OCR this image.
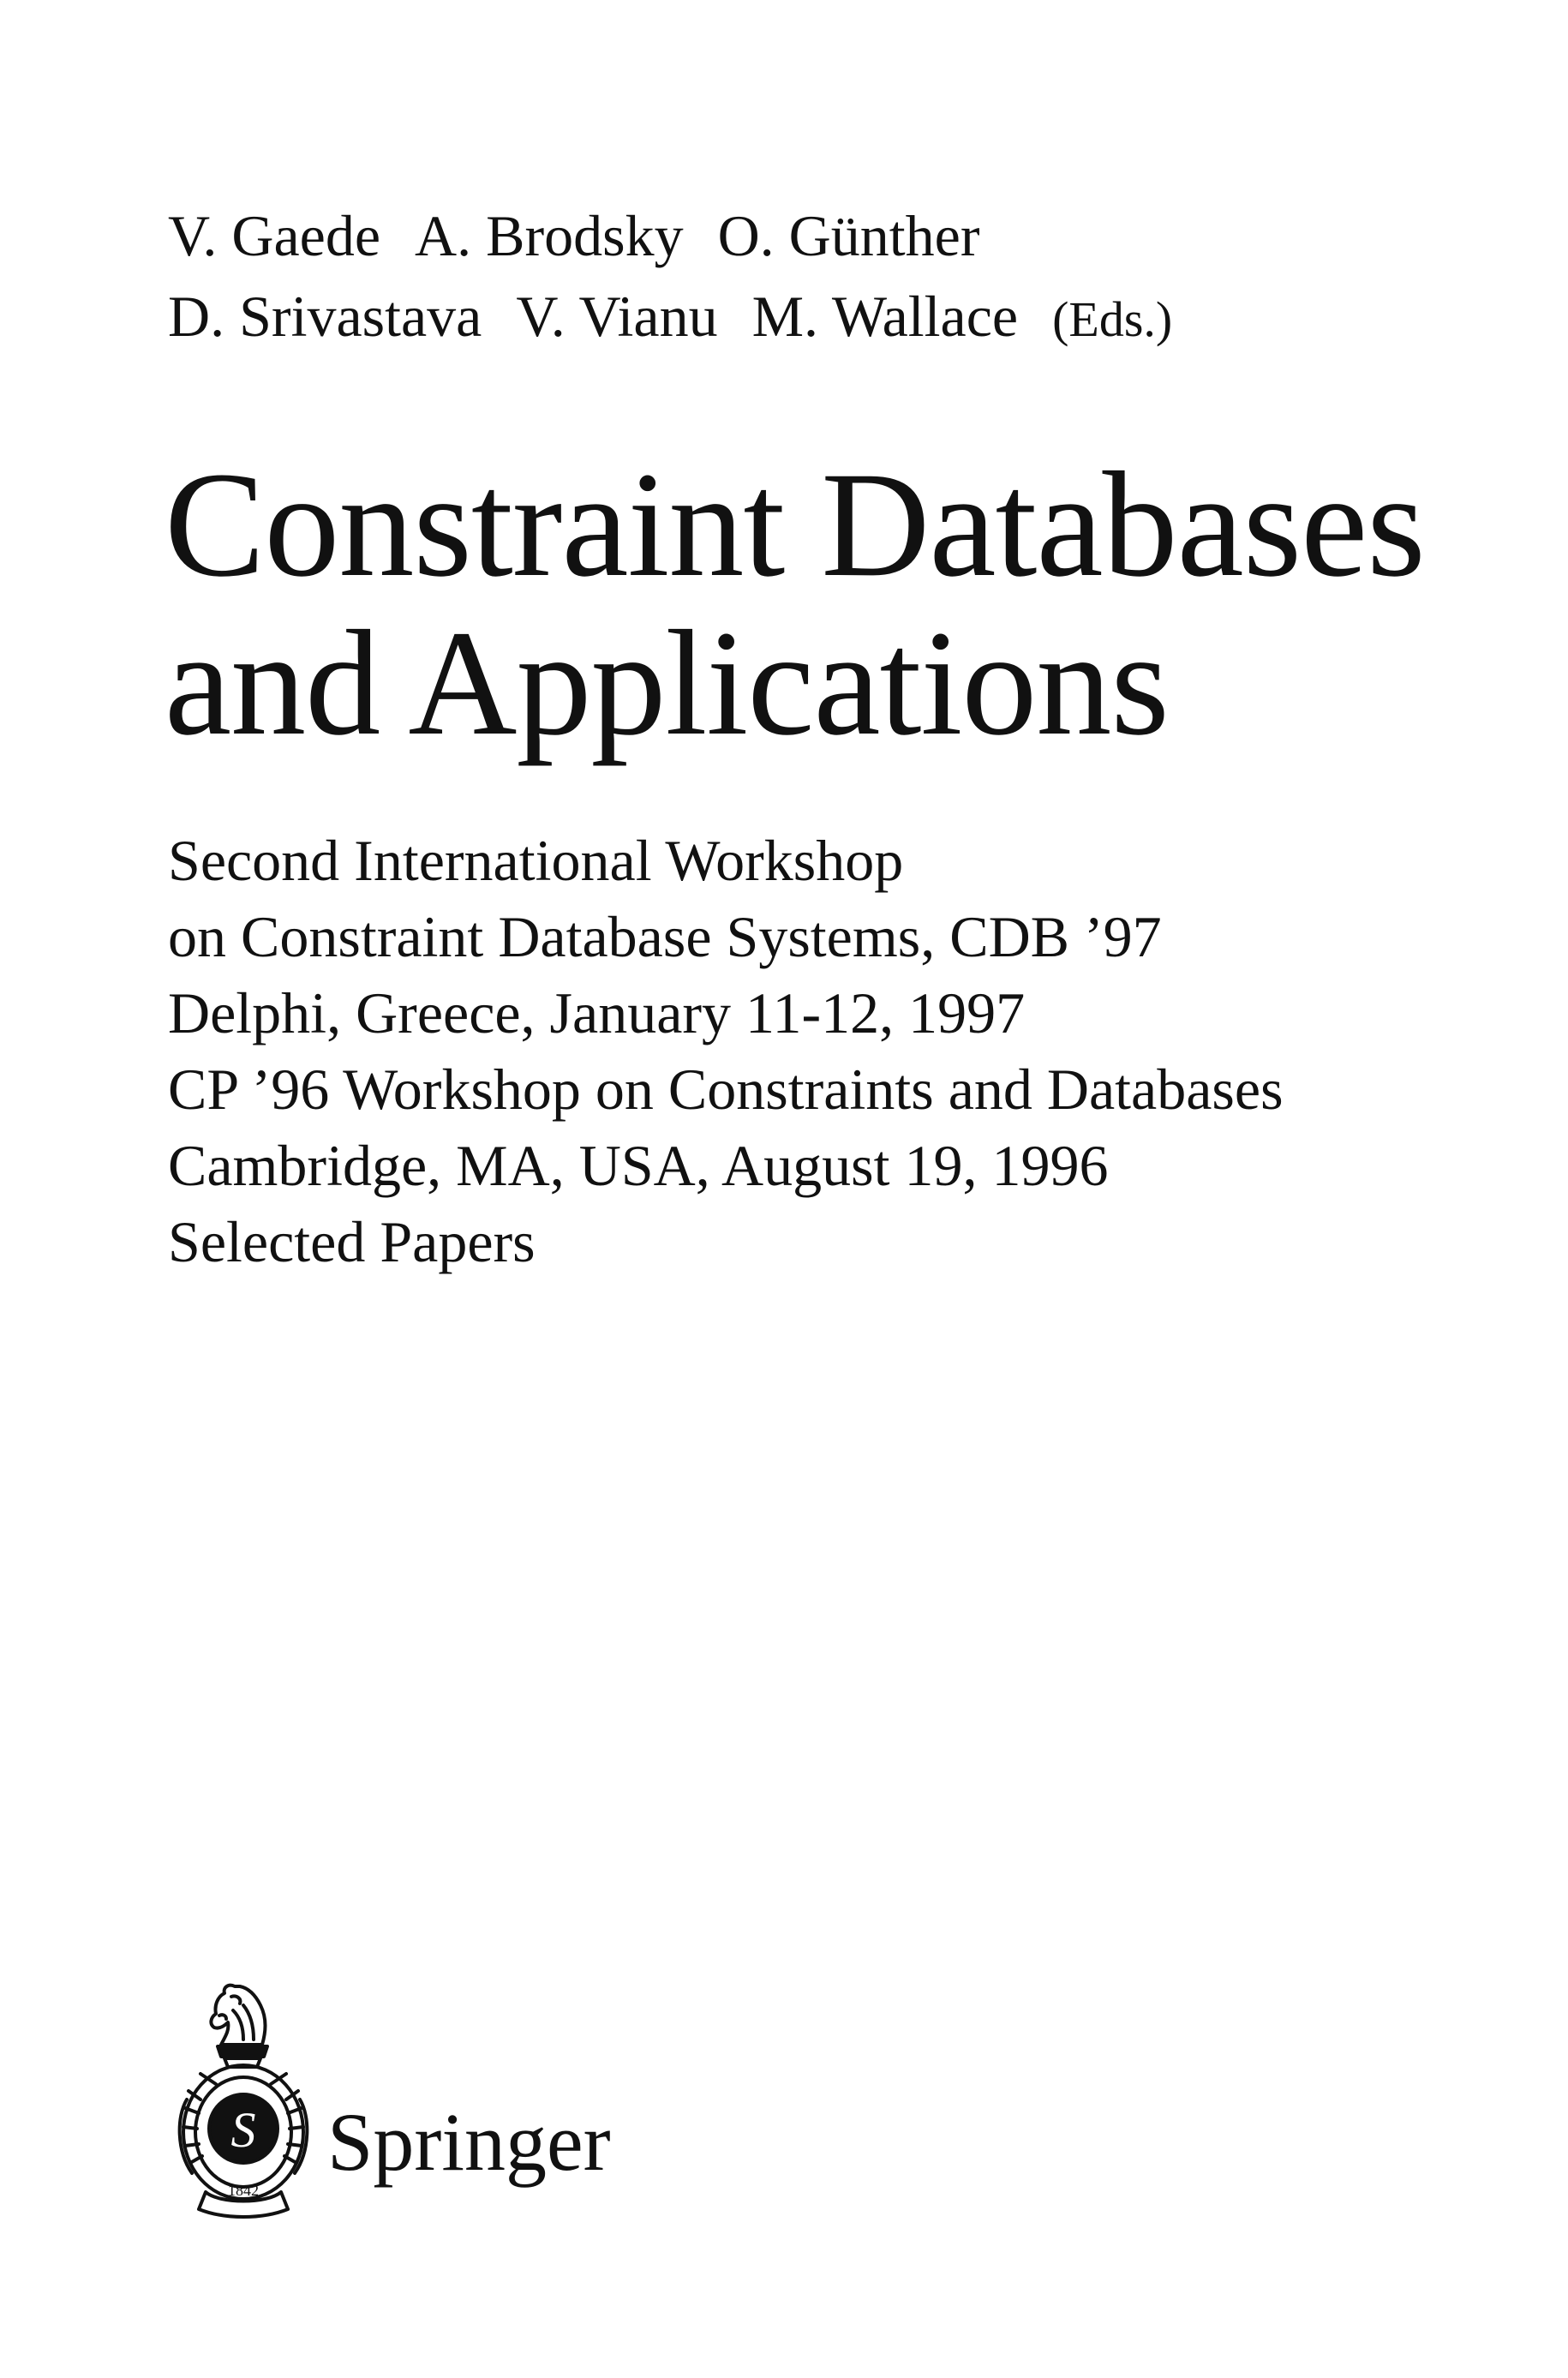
V. Gaede A. Brodsky O. Günther
D. Srivastava V. Vianu M. Wallace (Eds.)
Constraint Databases
and Applications
Second International Workshop
on Constraint Database Systems, CDB ’97
Delphi, Greece, January 11-12, 1997
CP ’96 Workshop on Constraints and Databases
Cambridge, MA, USA, August 19, 1996
Selected Papers
S
1842
Springer
